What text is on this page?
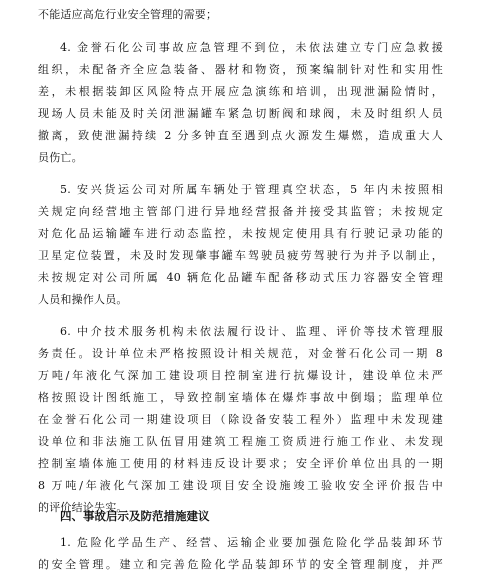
不能适应高危行业安全管理的需要；
4. 金誉石化公司事故应急管理不到位，未依法建立专门应急救援
组织，未配备齐全应急装备、器材和物资，预案编制针对性和实用性
差，未根据装卸区风险特点开展应急演练和培训，出现泄漏险情时，
现场人员未能及时关闭泄漏罐车紧急切断阀和球阀，未及时组织人员
撤离，致使泄漏持续 2 分多钟直至遇到点火源发生爆燃，造成重大人
员伤亡。
5. 安兴货运公司对所属车辆处于管理真空状态，5 年内未按照相
关规定向经营地主管部门进行异地经营报备并接受其监管；未按规定
对危化品运输罐车进行动态监控，未按规定使用具有行驶记录功能的
卫星定位装置，未及时发现肇事罐车驾驶员疲劳驾驶行为并予以制止，
未按规定对公司所属 40 辆危化品罐车配备移动式压力容器安全管理
人员和操作人员。
6. 中介技术服务机构未依法履行设计、监理、评价等技术管理服
务责任。设计单位未严格按照设计相关规范，对金誉石化公司一期 8
万吨/年液化气深加工建设项目控制室进行抗爆设计，建设单位未严
格按照设计图纸施工，导致控制室墙体在爆炸事故中倒塌；监理单位
在金誉石化公司一期建设项目（除设备安装工程外）监理中未发现建
设单位和非法施工队伍冒用建筑工程施工资质进行施工作业、未发现
控制室墙体施工使用的材料违反设计要求；安全评价单位出具的一期
8 万吨/年液化气深加工建设项目安全设施竣工验收安全评价报告中
的评价结论失实。
四、事故启示及防范措施建议
1. 危险化学品生产、经营、运输企业要加强危险化学品装卸环节
的安全管理。建立和完善危险化学品装卸环节的安全管理制度，并严
